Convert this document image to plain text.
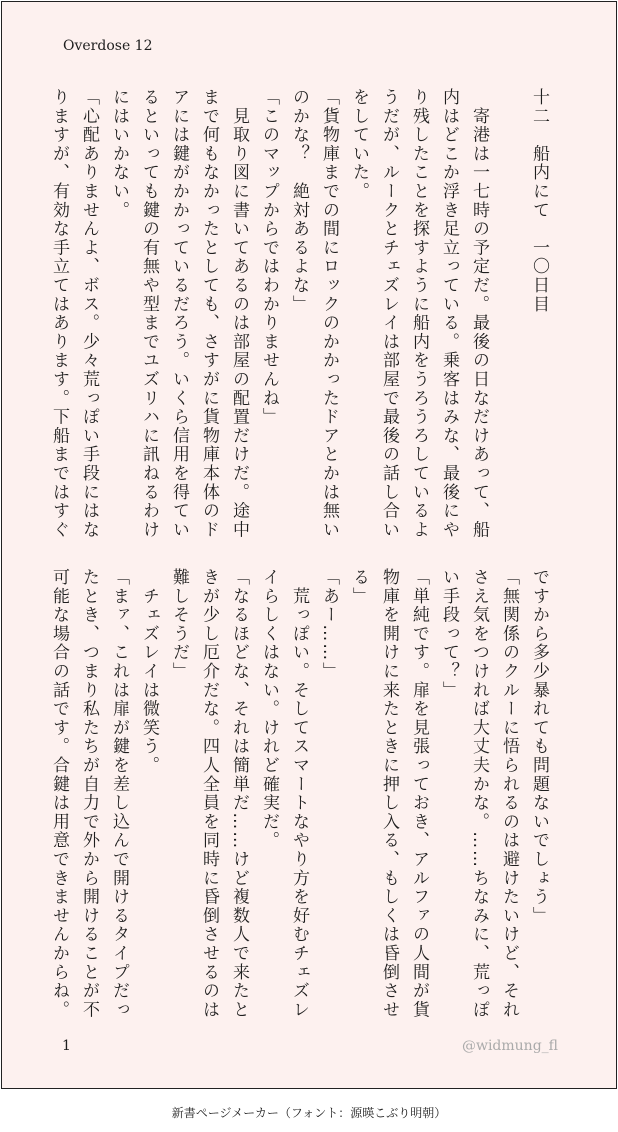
Overdose 12
十二　船内にて　一〇日目

　寄港は一七時の予定だ。最後の日なだけあって、船
内はどこか浮き足立っている。乗客はみな、最後にや
り残したことを探すように船内をうろうろしているよ
うだが、ルークとチェズレイは部屋で最後の話し合い
をしていた。
「貨物庫までの間にロックのかかったドアとかは無い
のかな？　絶対あるよな」
「このマップからではわかりませんね」
　見取り図に書いてあるのは部屋の配置だけだ。途中
まで何もなかったとしても、さすがに貨物庫本体のド
アには鍵がかかっているだろう。いくら信用を得てい
るといっても鍵の有無や型までユズリハに訊ねるわけ
にはいかない。
「心配ありませんよ、ボス。少々荒っぽい手段にはな
りますが、有効な手立てはあります。下船まではすぐ
ですから多少暴れても問題ないでしょう」
「無関係のクルーに悟られるのは避けたいけど、それ
さえ気をつければ大丈夫かな。……ちなみに、荒っぽ
い手段って？」
「単純です。扉を見張っておき、アルファの人間が貨
物庫を開けに来たときに押し入る、もしくは昏倒させ
る」
「あー……」
　荒っぽい。そしてスマートなやり方を好むチェズレ
イらしくはない。けれど確実だ。
「なるほどな、それは簡単だ……けど複数人で来たと
きが少し厄介だな。四人全員を同時に昏倒させるのは
難しそうだ」
　チェズレイは微笑う。
「まァ、これは扉が鍵を差し込んで開けるタイプだっ
たとき、つまり私たちが自力で外から開けることが不
可能な場合の話です。合鍵は用意できませんからね。
1	@widmung_fl
新書ページメーカー（フォント：源暎こぶり明朝）
